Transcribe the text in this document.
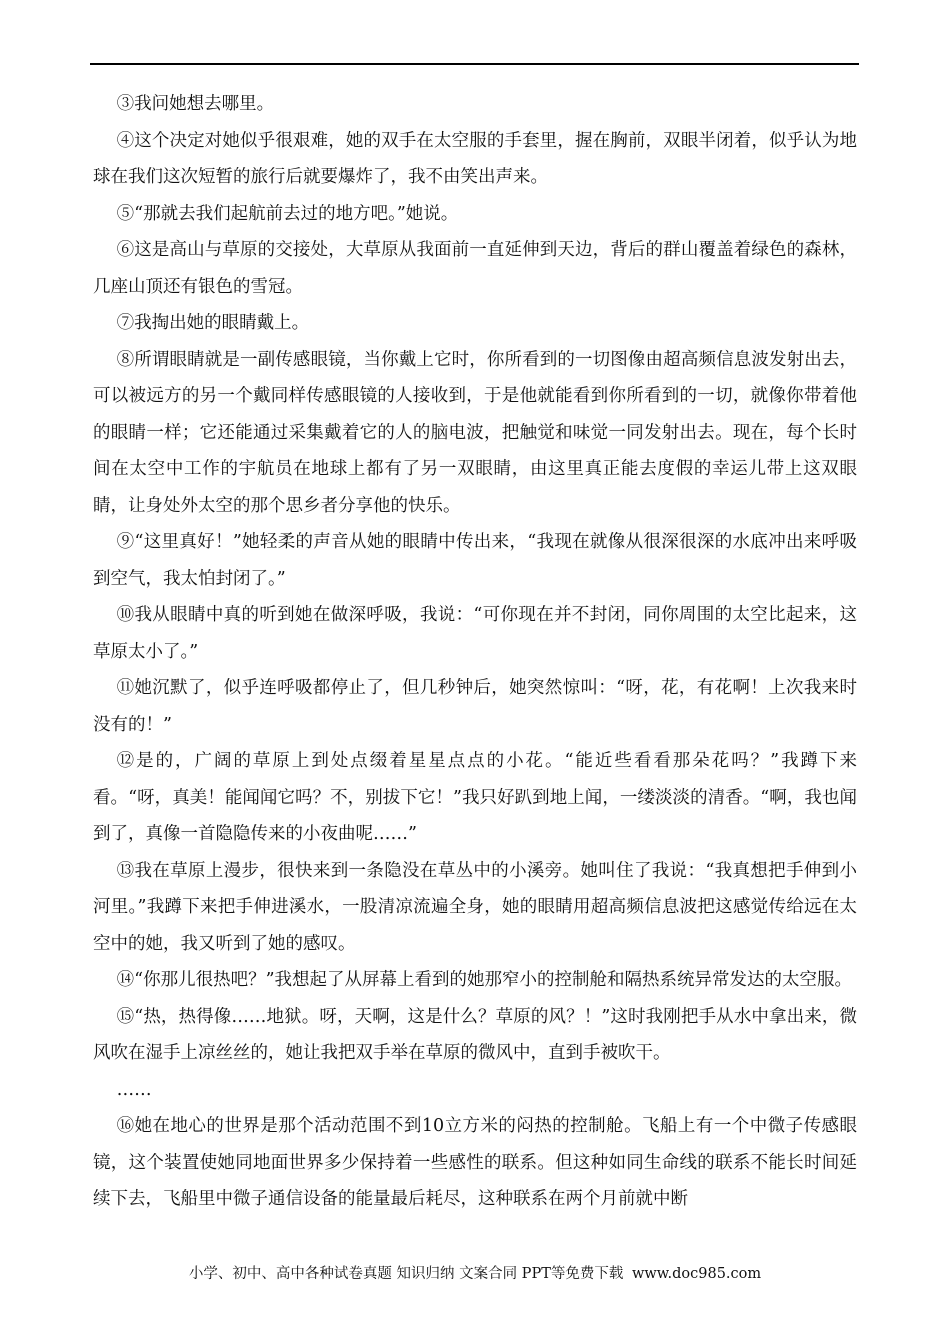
③我问她想去哪里。

④这个决定对她似乎很艰难，她的双手在太空服的手套里，握在胸前，双眼半闭着，似乎认为地球在我们这次短暂的旅行后就要爆炸了，我不由笑出声来。

⑤“那就去我们起航前去过的地方吧。”她说。

⑥这是高山与草原的交接处，大草原从我面前一直延伸到天边，背后的群山覆盖着绿色的森林，几座山顶还有银色的雪冠。

⑦我掏出她的眼睛戴上。

⑧所谓眼睛就是一副传感眼镜，当你戴上它时，你所看到的一切图像由超高频信息波发射出去，可以被远方的另一个戴同样传感眼镜的人接收到，于是他就能看到你所看到的一切，就像你带着他的眼睛一样；它还能通过采集戴着它的人的脑电波，把触觉和味觉一同发射出去。现在，每个长时间在太空中工作的宇航员在地球上都有了另一双眼睛，由这里真正能去度假的幸运儿带上这双眼睛，让身处外太空的那个思乡者分享他的快乐。

⑨“这里真好！”她轻柔的声音从她的眼睛中传出来，“我现在就像从很深很深的水底冲出来呼吸到空气，我太怕封闭了。”

⑩我从眼睛中真的听到她在做深呼吸，我说：“可你现在并不封闭，同你周围的太空比起来，这草原太小了。”

⑪她沉默了，似乎连呼吸都停止了，但几秒钟后，她突然惊叫：“呀，花，有花啊！上次我来时没有的！”

⑫是的，广阔的草原上到处点缀着星星点点的小花。“能近些看看那朵花吗？”我蹲下来看。“呀，真美！能闻闻它吗？不，别拔下它！”我只好趴到地上闻，一缕淡淡的清香。“啊，我也闻到了，真像一首隐隐传来的小夜曲呢……”

⑬我在草原上漫步，很快来到一条隐没在草丛中的小溪旁。她叫住了我说：“我真想把手伸到小河里。”我蹲下来把手伸进溪水，一股清凉流遍全身，她的眼睛用超高频信息波把这感觉传给远在太空中的她，我又听到了她的感叹。

⑭“你那儿很热吧？”我想起了从屏幕上看到的她那窄小的控制舱和隔热系统异常发达的太空服。

⑮“热，热得像……地狱。呀，天啊，这是什么？草原的风？！”这时我刚把手从水中拿出来，微风吹在湿手上凉丝丝的，她让我把双手举在草原的微风中，直到手被吹干。

……

⑯她在地心的世界是那个活动范围不到10立方米的闷热的控制舱。飞船上有一个中微子传感眼镜，这个装置使她同地面世界多少保持着一些感性的联系。但这种如同生命线的联系不能长时间延续下去，飞船里中微子通信设备的能量最后耗尽，这种联系在两个月前就中断

小学、初中、高中各种试卷真题 知识归纳 文案合同 PPT等免费下载 www.doc985.com
